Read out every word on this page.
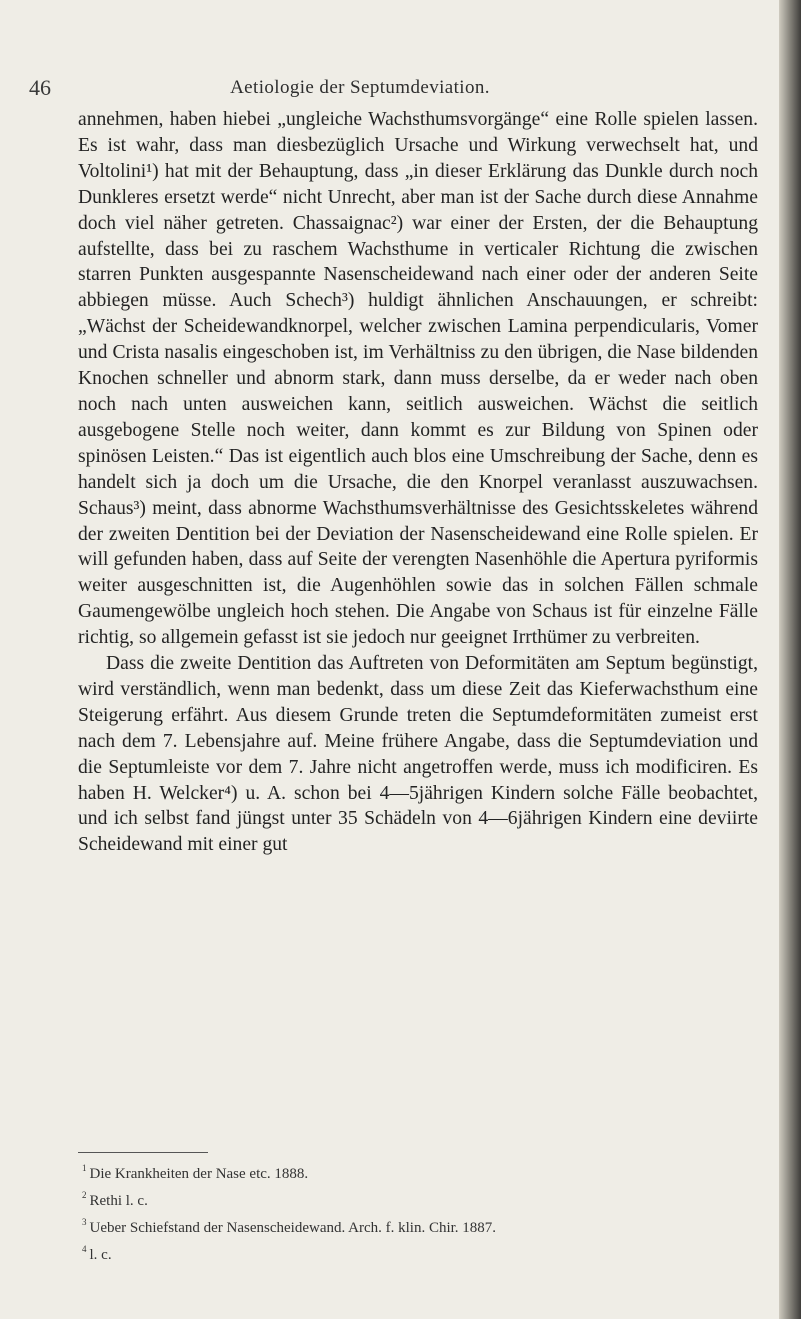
46	Aetiologie der Septumdeviation.

annehmen, haben hiebei „ungleiche Wachsthumsvorgänge“ eine Rolle spielen lassen. Es ist wahr, dass man diesbezüglich Ursache und Wirkung verwechselt hat, und Voltolini¹) hat mit der Behauptung, dass „in dieser Erklärung das Dunkle durch noch Dunkleres ersetzt werde“ nicht Unrecht, aber man ist der Sache durch diese Annahme doch viel näher getreten. Chassaignac²) war einer der Ersten, der die Behauptung aufstellte, dass bei zu raschem Wachsthume in verticaler Richtung die zwischen starren Punkten ausgespannte Nasenscheidewand nach einer oder der anderen Seite abbiegen müsse. Auch Schech³) huldigt ähnlichen Anschauungen, er schreibt: „Wächst der Scheidewandknorpel, welcher zwischen Lamina perpendicularis, Vomer und Crista nasalis eingeschoben ist, im Verhältniss zu den übrigen, die Nase bildenden Knochen schneller und abnorm stark, dann muss derselbe, da er weder nach oben noch nach unten ausweichen kann, seitlich ausweichen. Wächst die seitlich ausgebogene Stelle noch weiter, dann kommt es zur Bildung von Spinen oder spinösen Leisten.“ Das ist eigentlich auch blos eine Umschreibung der Sache, denn es handelt sich ja doch um die Ursache, die den Knorpel veranlasst auszuwachsen. Schaus³) meint, dass abnorme Wachsthumsverhältnisse des Gesichtsskeletes während der zweiten Dentition bei der Deviation der Nasenscheidewand eine Rolle spielen. Er will gefunden haben, dass auf Seite der verengten Nasenhöhle die Apertura pyriformis weiter ausgeschnitten ist, die Augenhöhlen sowie das in solchen Fällen schmale Gaumengewölbe ungleich hoch stehen. Die Angabe von Schaus ist für einzelne Fälle richtig, so allgemein gefasst ist sie jedoch nur geeignet Irrthümer zu verbreiten.

Dass die zweite Dentition das Auftreten von Deformitäten am Septum begünstigt, wird verständlich, wenn man bedenkt, dass um diese Zeit das Kieferwachsthum eine Steigerung erfährt. Aus diesem Grunde treten die Septumdeformitäten zumeist erst nach dem 7. Lebensjahre auf. Meine frühere Angabe, dass die Septumdeviation und die Septumleiste vor dem 7. Jahre nicht angetroffen werde, muss ich modificiren. Es haben H. Welcker⁴) u. A. schon bei 4—5jährigen Kindern solche Fälle beobachtet, und ich selbst fand jüngst unter 35 Schädeln von 4—6jährigen Kindern eine deviirte Scheidewand mit einer gut

$^1$ Die Krankheiten der Nase etc. 1888.
$^2$ Rethi l. c.
$^3$ Ueber Schiefstand der Nasenscheidewand. Arch. f. klin. Chir. 1887.
$^4$ l. c.
